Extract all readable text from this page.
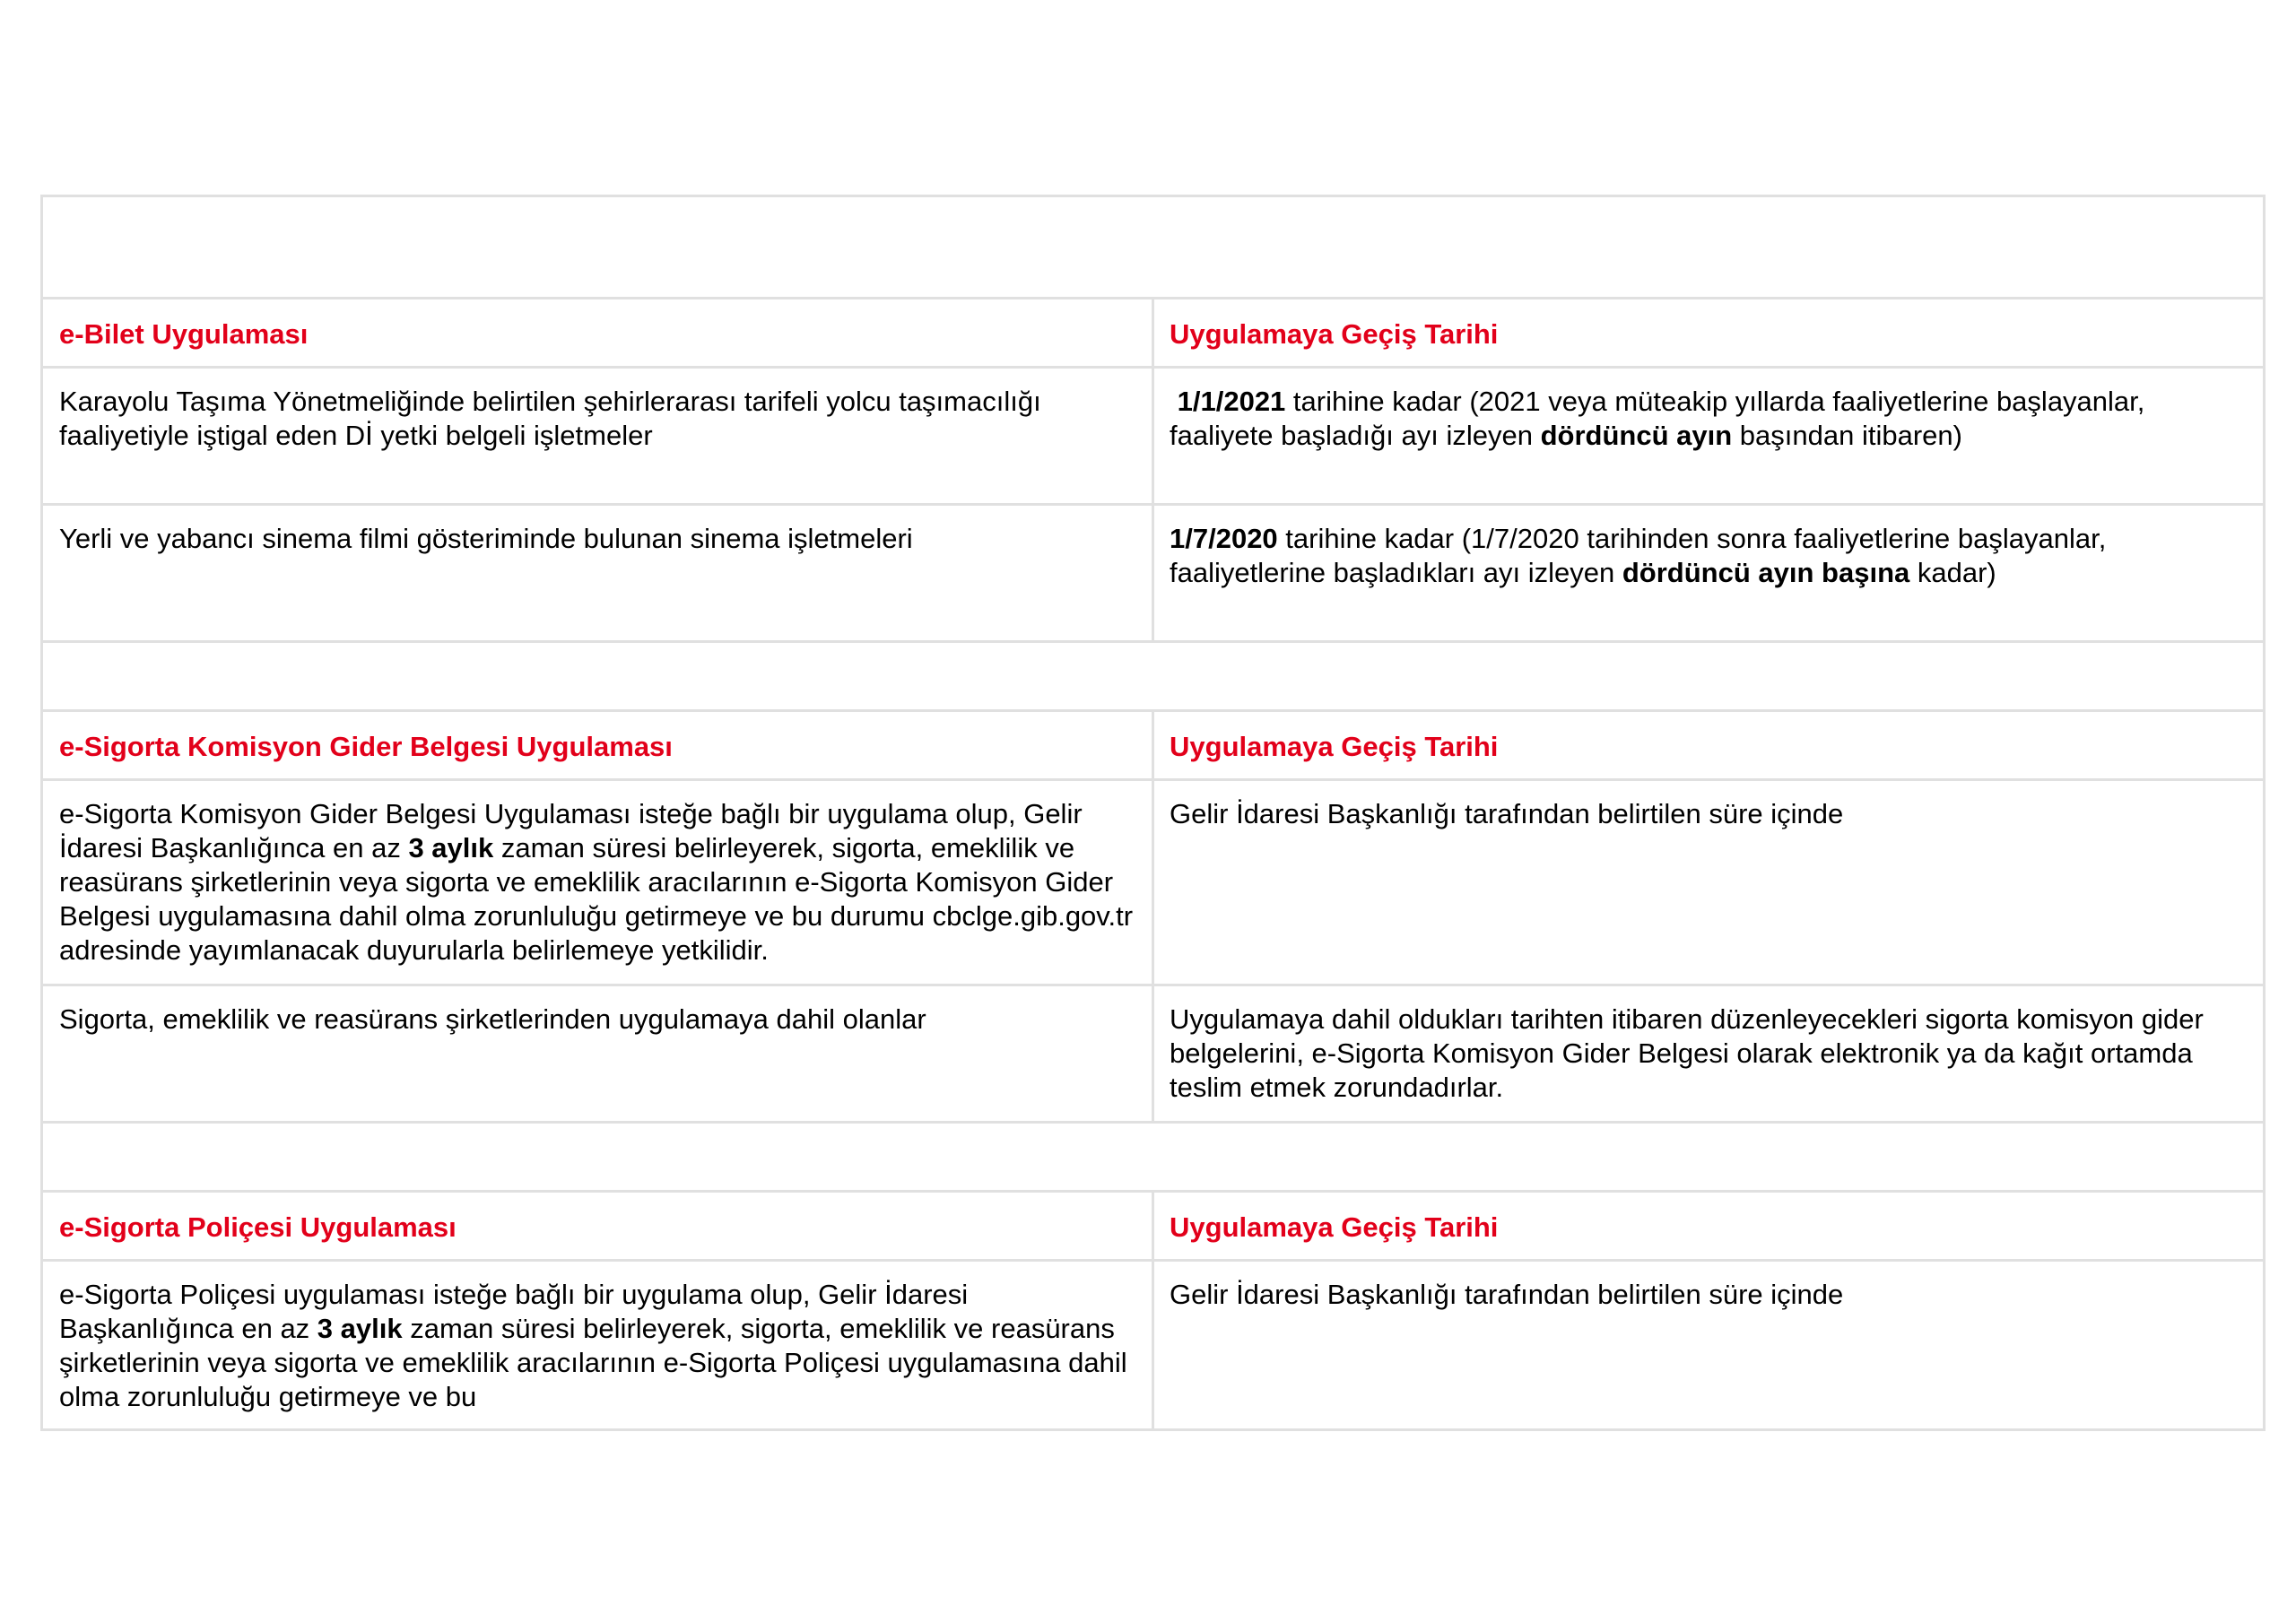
e-Bilet Uygulaması	Uygulamaya Geçiş Tarihi
Karayolu Taşıma Yönetmeliğinde belirtilen şehirlerarası tarifeli yolcu taşımacılığı faaliyetiyle iştigal eden Dİ yetki belgeli işletmeler	1/1/2021 tarihine kadar (2021 veya müteakip yıllarda faaliyetlerine başlayanlar, faaliyete başladığı ayı izleyen dördüncü ayın başından itibaren)
Yerli ve yabancı sinema filmi gösteriminde bulunan sinema işletmeleri	1/7/2020 tarihine kadar (1/7/2020 tarihinden sonra faaliyetlerine başlayanlar, faaliyetlerine başladıkları ayı izleyen dördüncü ayın başına kadar)

e-Sigorta Komisyon Gider Belgesi Uygulaması	Uygulamaya Geçiş Tarihi
e-Sigorta Komisyon Gider Belgesi Uygulaması isteğe bağlı bir uygulama olup, Gelir İdaresi Başkanlığınca en az 3 aylık zaman süresi belirleyerek, sigorta, emeklilik ve reasürans şirketlerinin veya sigorta ve emeklilik aracılarının e-Sigorta Komisyon Gider Belgesi uygulamasına dahil olma zorunluluğu getirmeye ve bu durumu cbclge.gib.gov.tr adresinde yayımlanacak duyurularla belirlemeye yetkilidir.	Gelir İdaresi Başkanlığı tarafından belirtilen süre içinde
Sigorta, emeklilik ve reasürans şirketlerinden uygulamaya dahil olanlar	Uygulamaya dahil oldukları tarihten itibaren düzenleyecekleri sigorta komisyon gider belgelerini, e-Sigorta Komisyon Gider Belgesi olarak elektronik ya da kağıt ortamda teslim etmek zorundadırlar.

e-Sigorta Poliçesi Uygulaması	Uygulamaya Geçiş Tarihi
e-Sigorta Poliçesi uygulaması isteğe bağlı bir uygulama olup, Gelir İdaresi Başkanlığınca en az 3 aylık zaman süresi belirleyerek, sigorta, emeklilik ve reasürans şirketlerinin veya sigorta ve emeklilik aracılarının e-Sigorta Poliçesi uygulamasına dahil olma zorunluluğu getirmeye ve bu	Gelir İdaresi Başkanlığı tarafından belirtilen süre içinde
